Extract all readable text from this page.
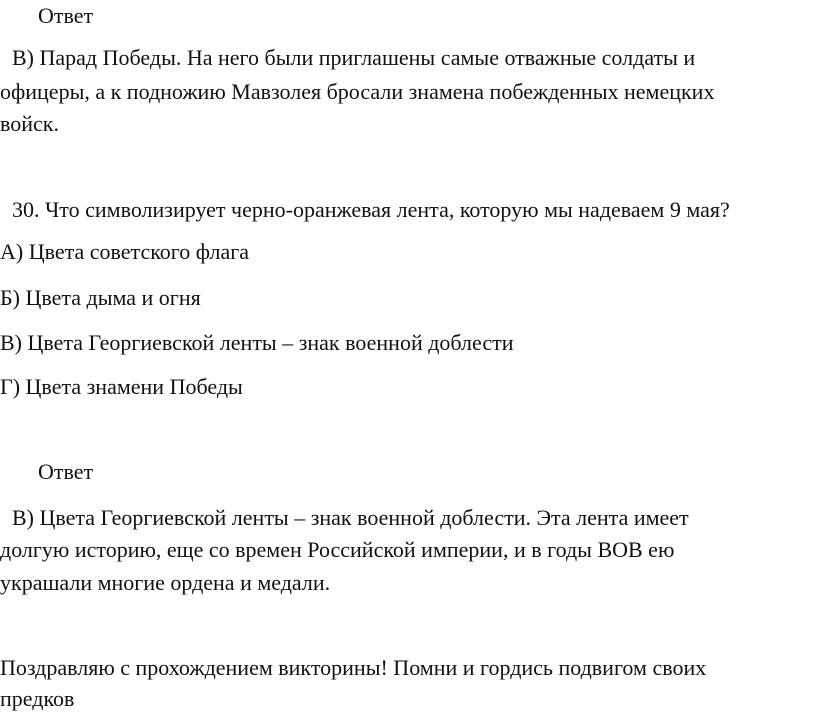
Ответ
В) Парад Победы. На него были приглашены самые отважные солдаты и
офицеры, а к подножию Мавзолея бросали знамена побежденных немецких
войск.
30. Что символизирует черно-оранжевая лента, которую мы надеваем 9 мая?
А) Цвета советского флага
Б) Цвета дыма и огня
В) Цвета Георгиевской ленты – знак военной доблести
Г) Цвета знамени Победы
Ответ
В) Цвета Георгиевской ленты – знак военной доблести. Эта лента имеет
долгую историю, еще со времен Российской империи, и в годы ВОВ ею
украшали многие ордена и медали.
Поздравляю с прохождением викторины! Помни и гордись подвигом своих
предков
